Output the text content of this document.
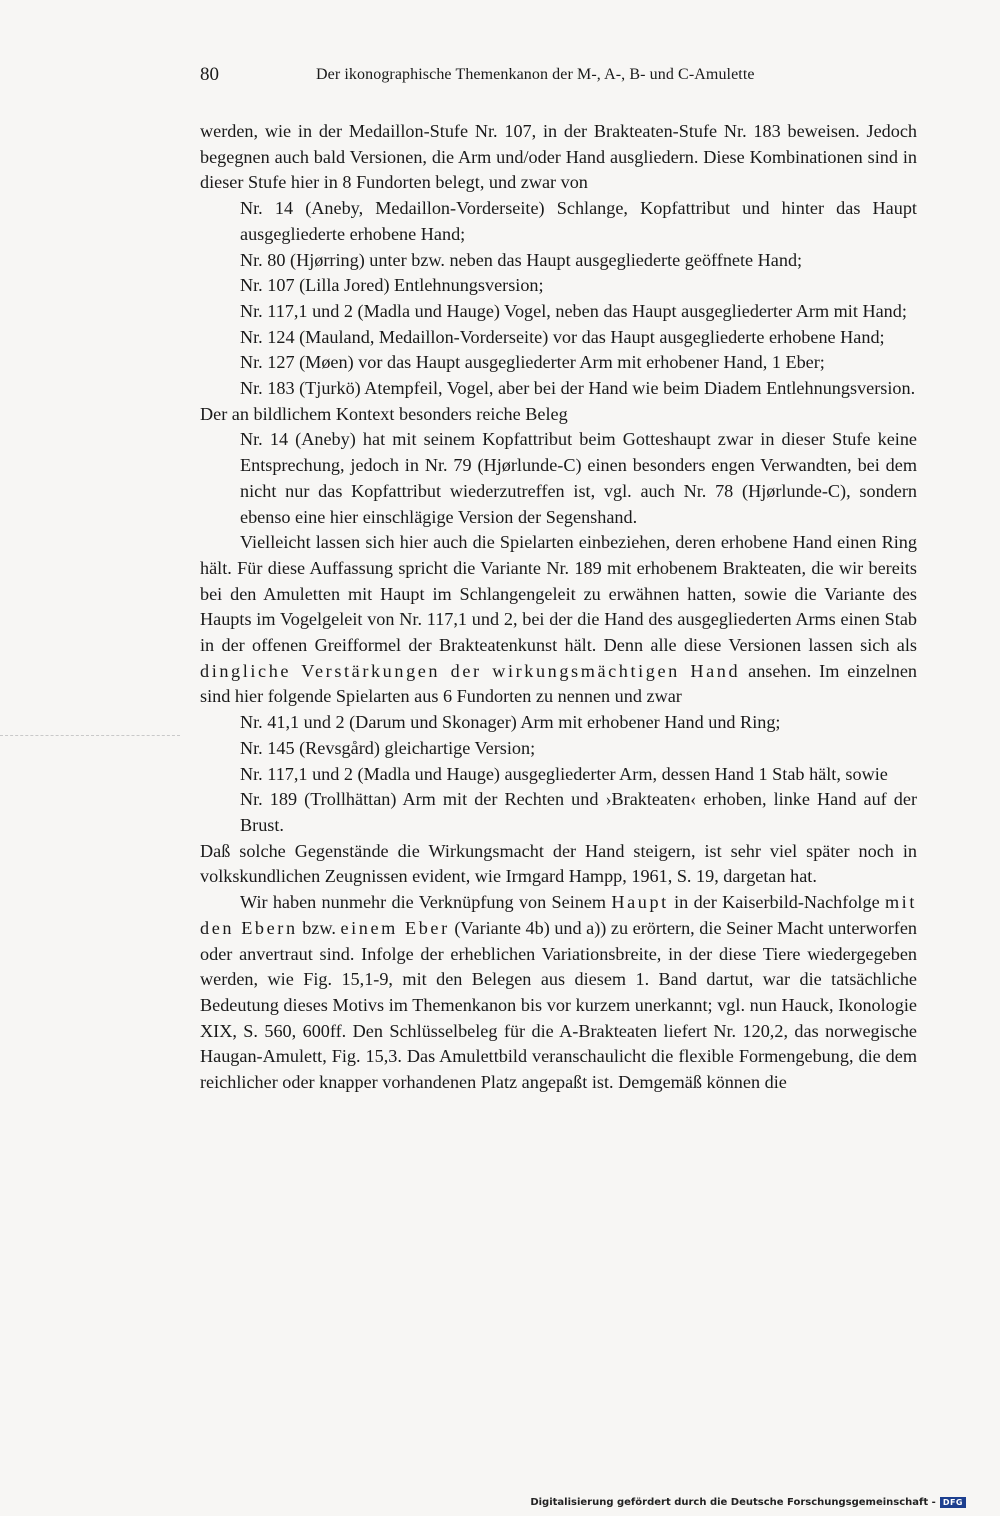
80	Der ikonographische Themenkanon der M-, A-, B- und C-Amulette

werden, wie in der Medaillon-Stufe Nr. 107, in der Brakteaten-Stufe Nr. 183 beweisen. Jedoch begegnen auch bald Versionen, die Arm und/oder Hand ausgliedern. Diese Kombinationen sind in dieser Stufe hier in 8 Fundorten belegt, und zwar von

Nr. 14 (Aneby, Medaillon-Vorderseite) Schlange, Kopfattribut und hinter das Haupt ausgegliederte erhobene Hand;

Nr. 80 (Hjørring) unter bzw. neben das Haupt ausgegliederte geöffnete Hand;

Nr. 107 (Lilla Jored) Entlehnungsversion;

Nr. 117,1 und 2 (Madla und Hauge) Vogel, neben das Haupt ausgegliederter Arm mit Hand;

Nr. 124 (Mauland, Medaillon-Vorderseite) vor das Haupt ausgegliederte erhobene Hand;

Nr. 127 (Møen) vor das Haupt ausgegliederter Arm mit erhobener Hand, 1 Eber;

Nr. 183 (Tjurkö) Atempfeil, Vogel, aber bei der Hand wie beim Diadem Entlehnungsversion.

Der an bildlichem Kontext besonders reiche Beleg

Nr. 14 (Aneby) hat mit seinem Kopfattribut beim Gotteshaupt zwar in dieser Stufe keine Entsprechung, jedoch in Nr. 79 (Hjørlunde-C) einen besonders engen Verwandten, bei dem nicht nur das Kopfattribut wiederzutreffen ist, vgl. auch Nr. 78 (Hjørlunde-C), sondern ebenso eine hier einschlägige Version der Segenshand.

Vielleicht lassen sich hier auch die Spielarten einbeziehen, deren erhobene Hand einen Ring hält. Für diese Auffassung spricht die Variante Nr. 189 mit erhobenem Brakteaten, die wir bereits bei den Amuletten mit Haupt im Schlangengeleit zu erwähnen hatten, sowie die Variante des Haupts im Vogelgeleit von Nr. 117,1 und 2, bei der die Hand des ausgegliederten Arms einen Stab in der offenen Greifformel der Brakteatenkunst hält. Denn alle diese Versionen lassen sich als dingliche Verstärkungen der wirkungsmächtigen Hand ansehen. Im einzelnen sind hier folgende Spielarten aus 6 Fundorten zu nennen und zwar

Nr. 41,1 und 2 (Darum und Skonager) Arm mit erhobener Hand und Ring;

Nr. 145 (Revsgård) gleichartige Version;

Nr. 117,1 und 2 (Madla und Hauge) ausgegliederter Arm, dessen Hand 1 Stab hält, sowie

Nr. 189 (Trollhättan) Arm mit der Rechten und ›Brakteaten‹ erhoben, linke Hand auf der Brust.

Daß solche Gegenstände die Wirkungsmacht der Hand steigern, ist sehr viel später noch in volkskundlichen Zeugnissen evident, wie Irmgard Hampp, 1961, S. 19, dargetan hat.

Wir haben nunmehr die Verknüpfung von Seinem Haupt in der Kaiserbild-Nachfolge mit den Ebern bzw. einem Eber (Variante 4b) und a)) zu erörtern, die Seiner Macht unterworfen oder anvertraut sind. Infolge der erheblichen Variationsbreite, in der diese Tiere wiedergegeben werden, wie Fig. 15,1-9, mit den Belegen aus diesem 1. Band dartut, war die tatsächliche Bedeutung dieses Motivs im Themenkanon bis vor kurzem unerkannt; vgl. nun Hauck, Ikonologie XIX, S. 560, 600ff. Den Schlüsselbeleg für die A-Brakteaten liefert Nr. 120,2, das norwegische Haugan-Amulett, Fig. 15,3. Das Amulettbild veranschaulicht die flexible Formengebung, die dem reichlicher oder knapper vorhandenen Platz angepaßt ist. Demgemäß können die

Digitalisierung gefördert durch die Deutsche Forschungsgemeinschaft - DFG
